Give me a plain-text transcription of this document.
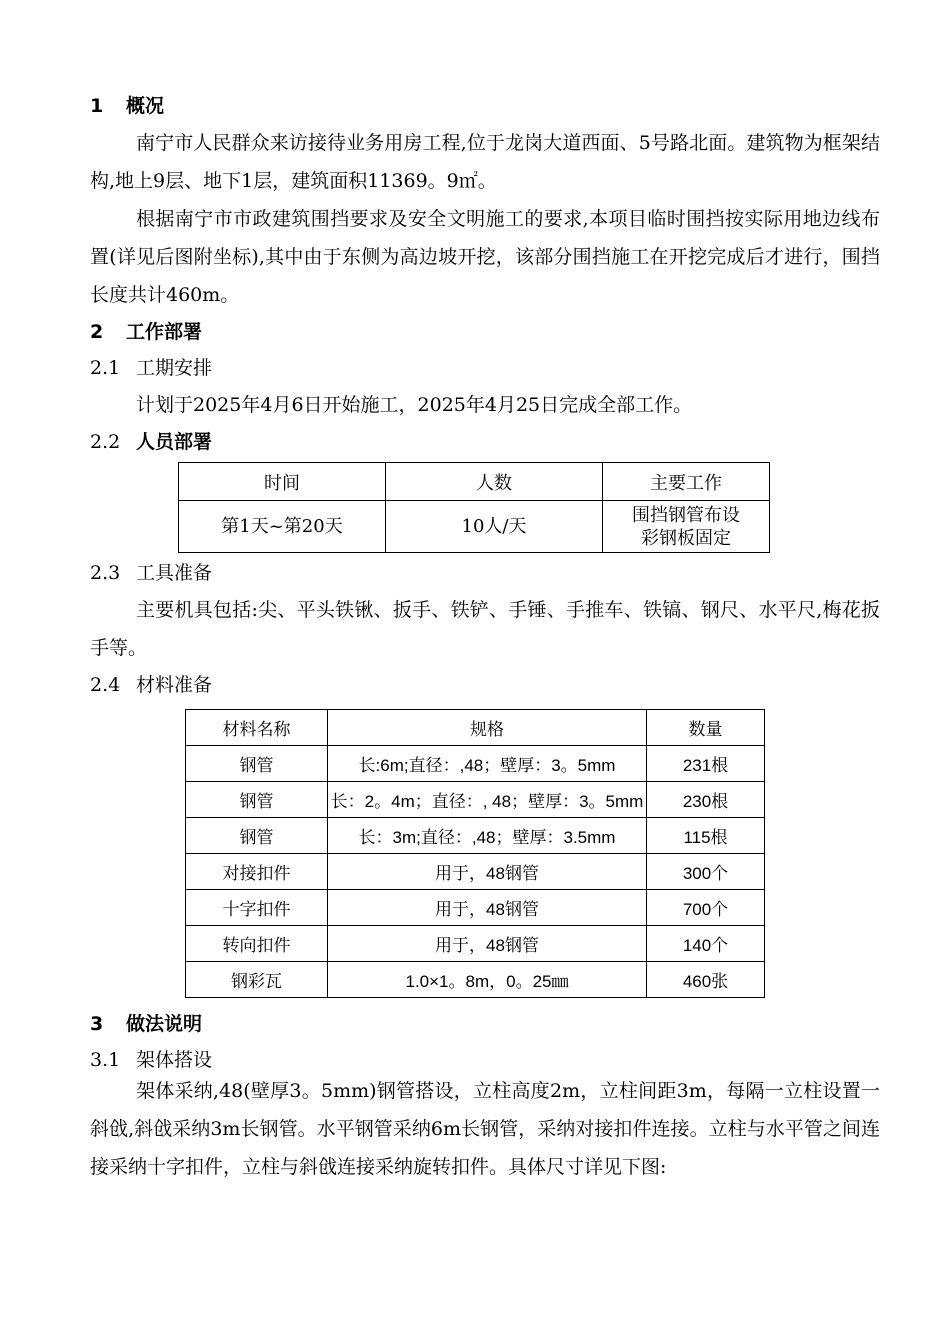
1 概况

南宁市人民群众来访接待业务用房工程,位于龙岗大道西面、5号路北面。建筑物为框架结构,地上9层、地下1层，建筑面积11369。9㎡。

根据南宁市市政建筑围挡要求及安全文明施工的要求,本项目临时围挡按实际用地边线布置(详见后图附坐标),其中由于东侧为高边坡开挖，该部分围挡施工在开挖完成后才进行，围挡长度共计460m。

2 工作部署
2.1 工期安排

计划于2025年4月6日开始施工，2025年4月25日完成全部工作。

2.2 人员部署
时间	人数	主要工作
第1天~第20天	10人/天	围挡钢管布设
彩钢板固定
2.3 工具准备

主要机具包括:尖、平头铁锹、扳手、铁铲、手锤、手推车、铁镐、钢尺、水平尺,梅花扳手等。

2.4 材料准备
材料名称	规格	数量
钢管	长:6m;直径：,48；壁厚：3。5mm	231根
钢管	长：2。4m；直径：, 48；壁厚：3。5mm	230根
钢管	长：3m;直径：,48；壁厚：3.5mm	115根
对接扣件	用于，48钢管	300个
十字扣件	用于，48钢管	700个
转向扣件	用于，48钢管	140个
钢彩瓦	1.0×1。8m，0。25㎜	460张
3 做法说明
3.1 架体搭设

架体采纳,48(壁厚3。5mm)钢管搭设，立柱高度2m，立柱间距3m，每隔一立柱设置一斜戗,斜戗采纳3m长钢管。水平钢管采纳6m长钢管，采纳对接扣件连接。立柱与水平管之间连接采纳十字扣件，立柱与斜戗连接采纳旋转扣件。具体尺寸详见下图:
